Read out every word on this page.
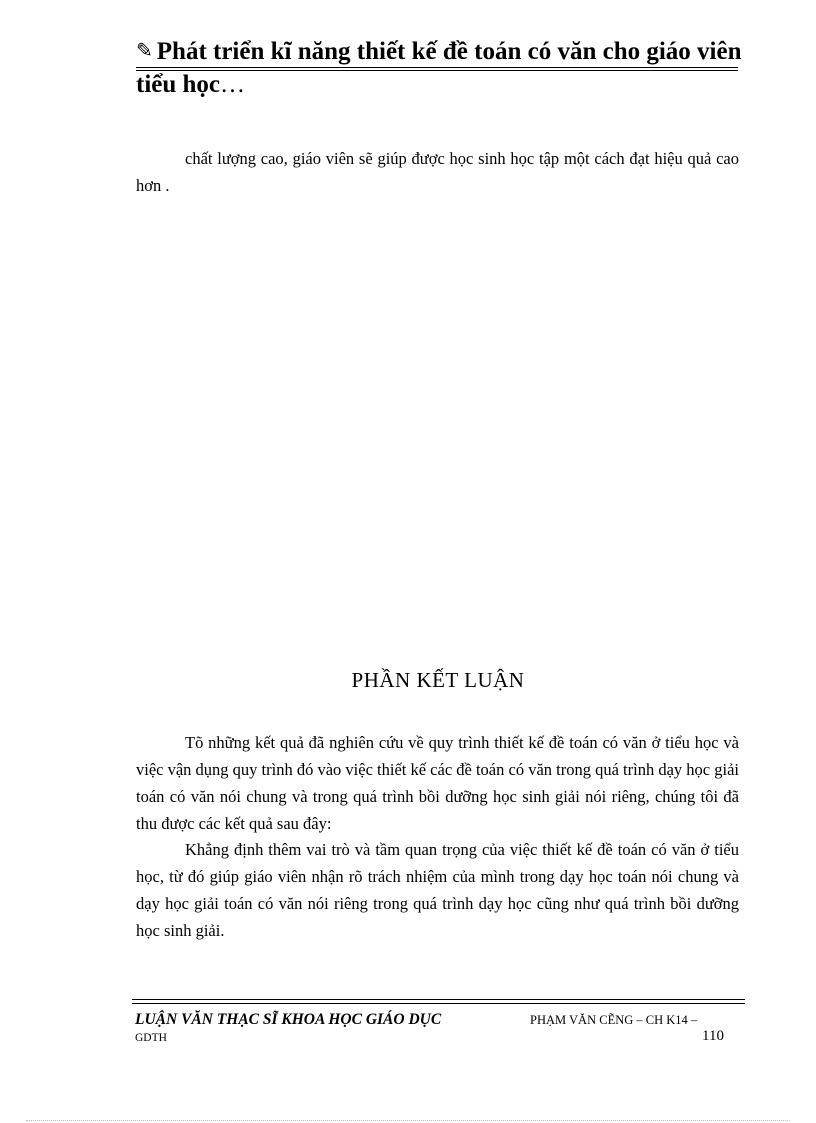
✎ Phát triển kĩ năng thiết kế đề toán có văn cho giáo viên tiểu học…

chất lượng cao, giáo viên sẽ giúp được học sinh học tập một cách đạt hiệu quả cao hơn .

PHẦN KẾT LUẬN

Tõ những kết quả đã nghiên cứu về quy trình thiết kế đề toán có văn ở tiểu học và việc vận dụng quy trình đó vào việc thiết kế các đề toán có văn trong quá trình dạy học giải toán có văn nói chung và trong quá trình bồi dưỡng học sinh giải nói riêng, chúng tôi đã thu được các kết quả sau đây:

Khẳng định thêm vai trò và tầm quan trọng của việc thiết kế đề toán có văn ở tiểu học, từ đó giúp giáo viên nhận rõ trách nhiệm của mình trong dạy học toán nói chung và dạy học giải toán có văn nói riêng trong quá trình dạy học cũng như quá trình bồi dưỡng học sinh giải.

LUẬN VĂN THẠC SĨ KHOA HỌC GIÁO DỤC	PHẠM VĂN CẼNG – CH K14 –
GDTH	110
